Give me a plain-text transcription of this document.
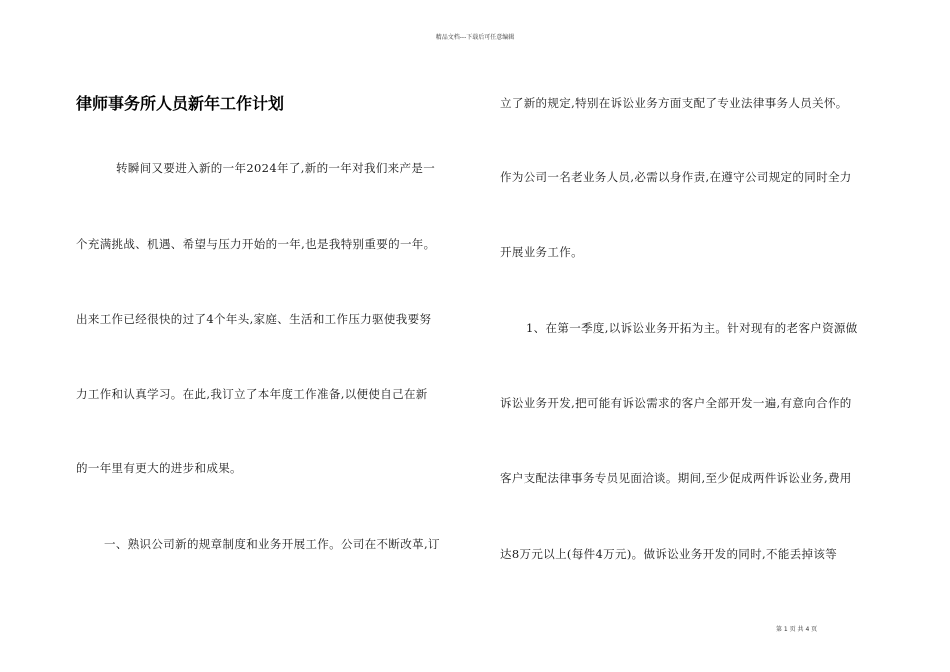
精品文档---下载后可任意编辑
律师事务所人员新年工作计划
转瞬间又要进入新的一年2024年了,新的一年对我们来产是一
个充满挑战、机遇、希望与压力开始的一年,也是我特别重要的一年。
出来工作已经很快的过了4个年头,家庭、生活和工作压力驱使我要努
力工作和认真学习。在此,我订立了本年度工作准备,以便使自己在新
的一年里有更大的进步和成果。
一、熟识公司新的规章制度和业务开展工作。公司在不断改革,订
立了新的规定,特别在诉讼业务方面支配了专业法律事务人员关怀。
作为公司一名老业务人员,必需以身作责,在遵守公司规定的同时全力
开展业务工作。
1、在第一季度,以诉讼业务开拓为主。针对现有的老客户资源做
诉讼业务开发,把可能有诉讼需求的客户全部开发一遍,有意向合作的
客户支配法律事务专员见面洽谈。期间,至少促成两件诉讼业务,费用
达8万元以上(每件4万元)。做诉讼业务开发的同时,不能丢掉该等
第 1 页 共 4 页
